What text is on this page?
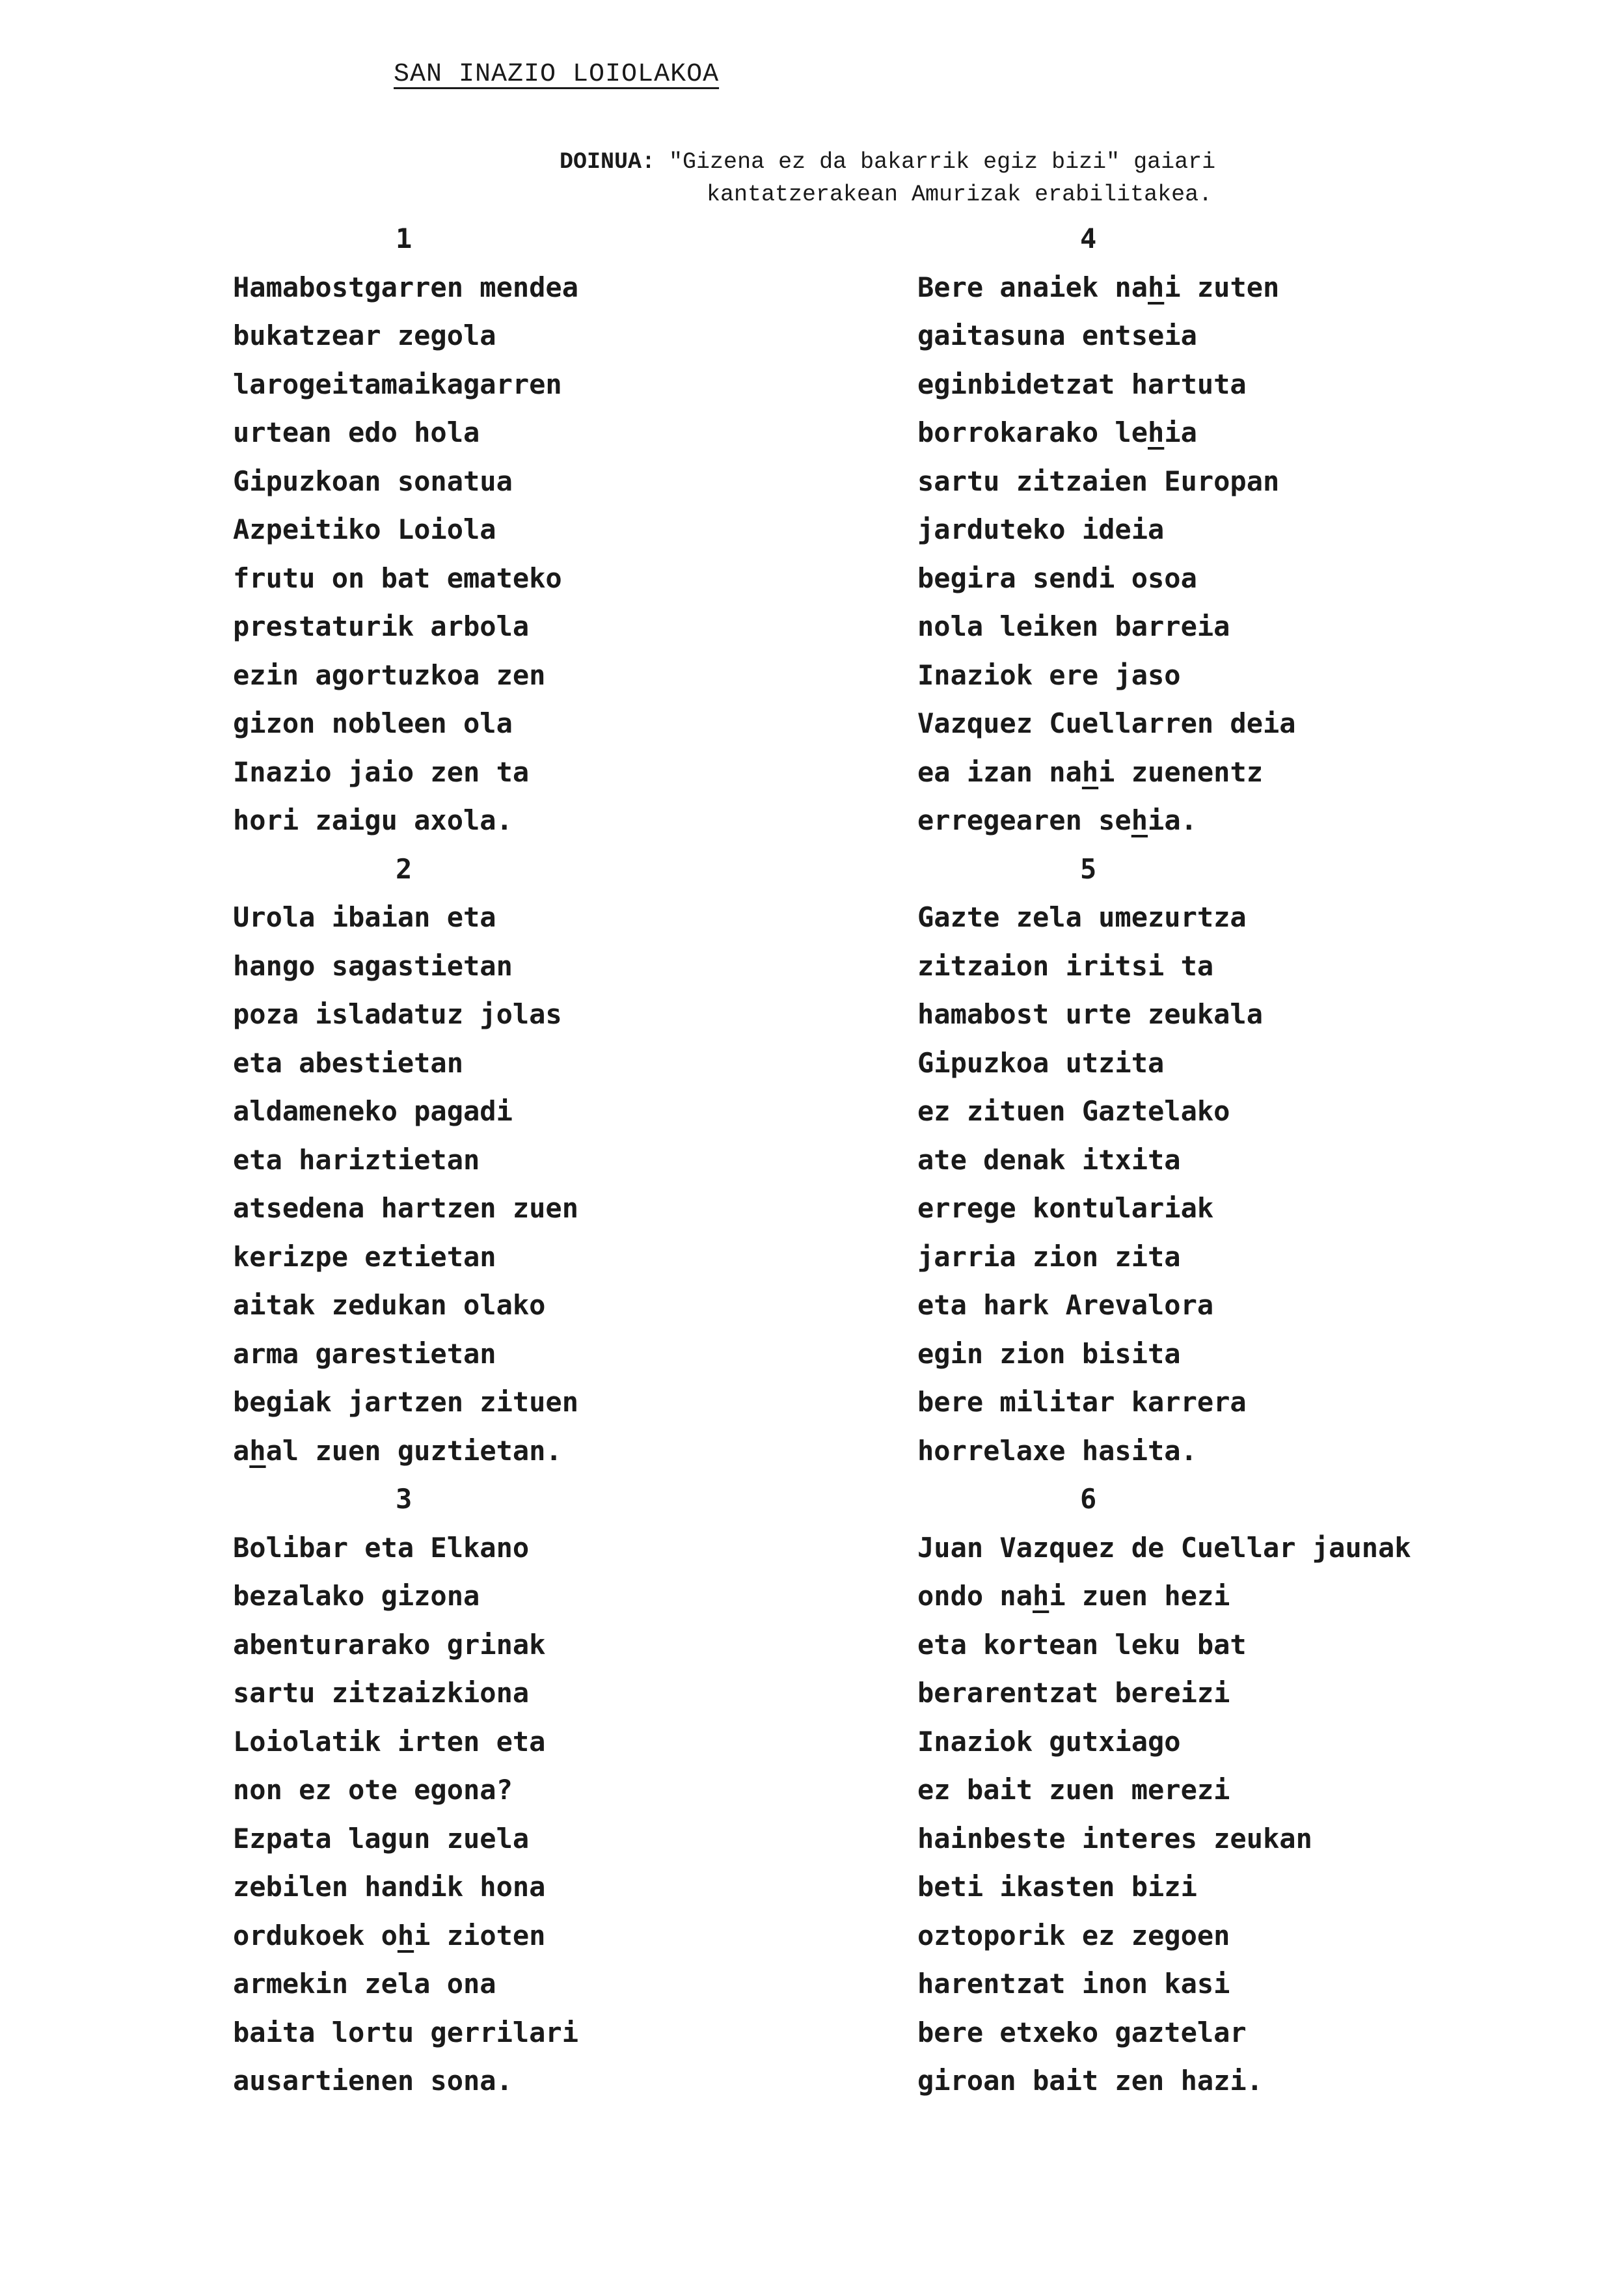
SAN INAZIO LOIOLAKOA
DOINUA: "Gizena ez da bakarrik egiz bizi" gaiari
kantatzerakean Amurizak erabilitakea.
1
Hamabostgarren mendea
bukatzear zegola
larogeitamaikagarren
urtean edo hola
Gipuzkoan sonatua
Azpeitiko Loiola
frutu on bat emateko
prestaturik arbola
ezin agortuzkoa zen
gizon nobleen ola
Inazio jaio zen ta
hori zaigu axola.
2
Urola ibaian eta
hango sagastietan
poza isladatuz jolas
eta abestietan
aldameneko pagadi
eta hariztietan
atsedena hartzen zuen
kerizpe eztietan
aitak zedukan olako
arma garestietan
begiak jartzen zituen
ahal zuen guztietan.
3
Bolibar eta Elkano
bezalako gizona
abenturarako grinak
sartu zitzaizkiona
Loiolatik irten eta
non ez ote egona?
Ezpata lagun zuela
zebilen handik hona
ordukoek ohi zioten
armekin zela ona
baita lortu gerrilari
ausartienen sona.
4
Bere anaiek nahi zuten
gaitasuna entseia
eginbidetzat hartuta
borrokarako lehia
sartu zitzaien Europan
jarduteko ideia
begira sendi osoa
nola leiken barreia
Inaziok ere jaso
Vazquez Cuellarren deia
ea izan nahi zuenentz
erregearen sehia.
5
Gazte zela umezurtza
zitzaion iritsi ta
hamabost urte zeukala
Gipuzkoa utzita
ez zituen Gaztelako
ate denak itxita
errege kontulariak
jarria zion zita
eta hark Arevalora
egin zion bisita
bere militar karrera
horrelaxe hasita.
6
Juan Vazquez de Cuellar jaunak
ondo nahi zuen hezi
eta kortean leku bat
berarentzat bereizi
Inaziok gutxiago
ez bait zuen merezi
hainbeste interes zeukan
beti ikasten bizi
oztoporik ez zegoen
harentzat inon kasi
bere etxeko gaztelar
giroan bait zen hazi.
